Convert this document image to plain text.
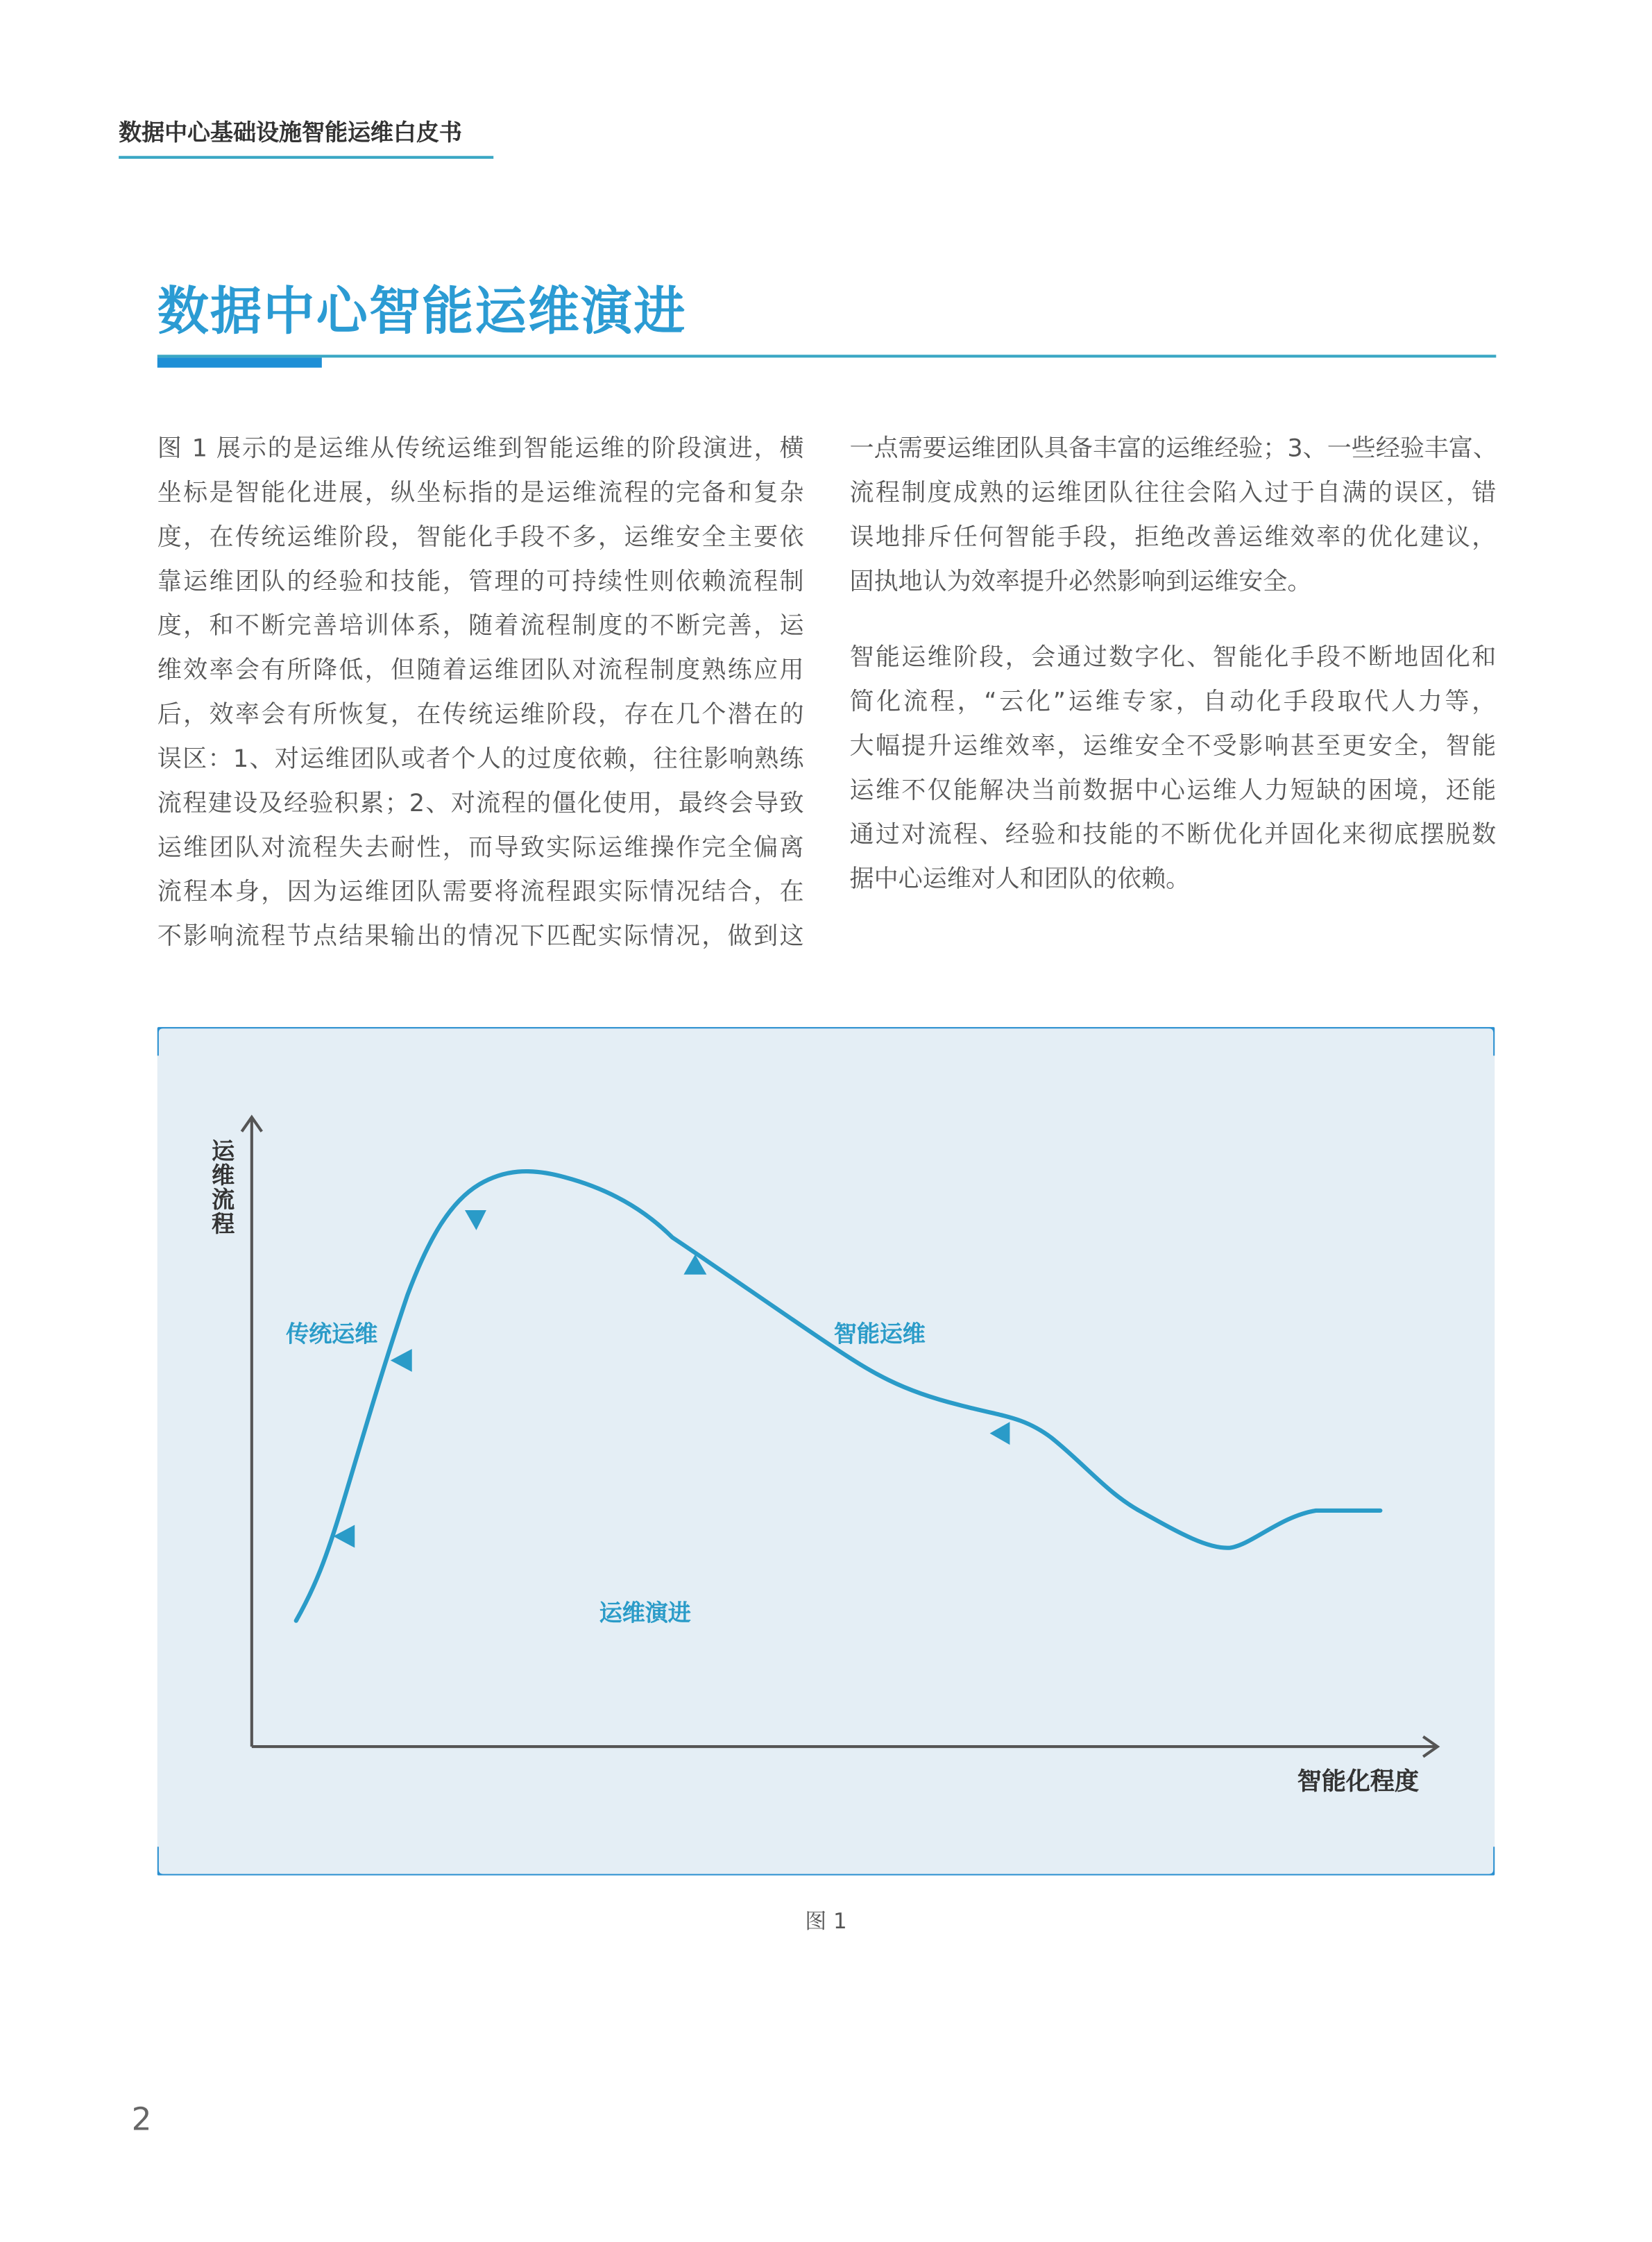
数据中心基础设施智能运维白皮书
数据中心智能运维演进
图 1 展示的是运维从传统运维到智能运维的阶段演进，横
坐标是智能化进展，纵坐标指的是运维流程的完备和复杂
度，在传统运维阶段，智能化手段不多，运维安全主要依
靠运维团队的经验和技能，管理的可持续性则依赖流程制
度，和不断完善培训体系，随着流程制度的不断完善，运
维效率会有所降低，但随着运维团队对流程制度熟练应用
后，效率会有所恢复，在传统运维阶段，存在几个潜在的
误区：1、对运维团队或者个人的过度依赖，往往影响熟练
流程建设及经验积累；2、对流程的僵化使用，最终会导致
运维团队对流程失去耐性，而导致实际运维操作完全偏离
流程本身，因为运维团队需要将流程跟实际情况结合，在
不影响流程节点结果输出的情况下匹配实际情况，做到这
一点需要运维团队具备丰富的运维经验；3、一些经验丰富、
流程制度成熟的运维团队往往会陷入过于自满的误区，错
误地排斥任何智能手段，拒绝改善运维效率的优化建议，
固执地认为效率提升必然影响到运维安全。
智能运维阶段，会通过数字化、智能化手段不断地固化和
简化流程，“云化”运维专家，自动化手段取代人力等，
大幅提升运维效率，运维安全不受影响甚至更安全，智能
运维不仅能解决当前数据中心运维人力短缺的困境，还能
通过对流程、经验和技能的不断优化并固化来彻底摆脱数
据中心运维对人和团队的依赖。
运维流程
传统运维	智能运维
运维演进
智能化程度
图 1
2
